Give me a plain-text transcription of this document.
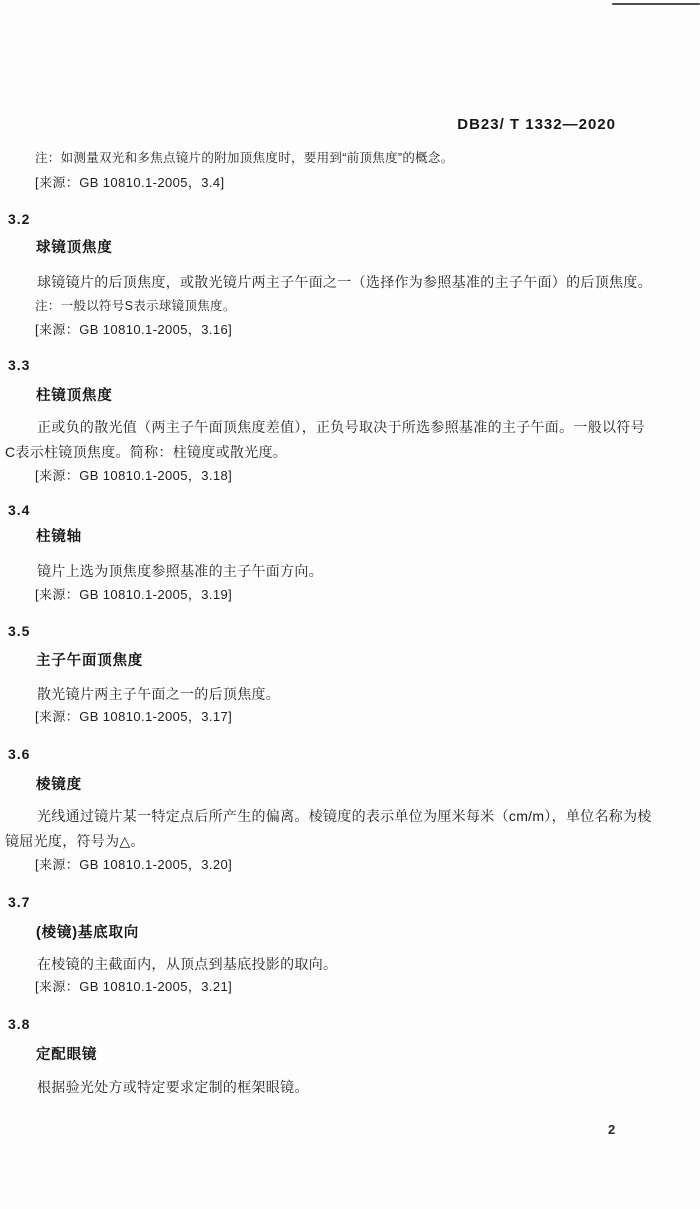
DB23/ T 1332—2020
注：如测量双光和多焦点镜片的附加顶焦度时，要用到“前顶焦度”的概念。
[来源：GB 10810.1-2005，3.4]
3.2
球镜顶焦度
球镜镜片的后顶焦度，或散光镜片两主子午面之一（选择作为参照基准的主子午面）的后顶焦度。
注：一般以符号S表示球镜顶焦度。
[来源：GB 10810.1-2005，3.16]
3.3
柱镜顶焦度
正或负的散光值（两主子午面顶焦度差值），正负号取决于所选参照基准的主子午面。一般以符号
C表示柱镜顶焦度。简称：柱镜度或散光度。
[来源：GB 10810.1-2005，3.18]
3.4
柱镜轴
镜片上选为顶焦度参照基准的主子午面方向。
[来源：GB 10810.1-2005，3.19]
3.5
主子午面顶焦度
散光镜片两主子午面之一的后顶焦度。
[来源：GB 10810.1-2005，3.17]
3.6
棱镜度
光线通过镜片某一特定点后所产生的偏离。棱镜度的表示单位为厘米每米（cm/m），单位名称为棱
镜屈光度，符号为△。
[来源：GB 10810.1-2005，3.20]
3.7
(棱镜)基底取向
在棱镜的主截面内，从顶点到基底投影的取向。
[来源：GB 10810.1-2005，3.21]
3.8
定配眼镜
根据验光处方或特定要求定制的框架眼镜。
2
